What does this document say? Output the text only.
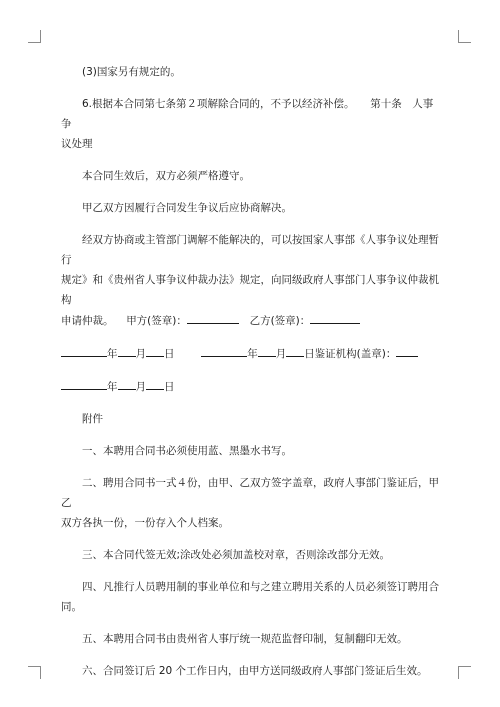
(3)国家另有规定的。

6.根据本合同第七条第２项解除合同的，不予以经济补偿。　　第十条　人事争

议处理

本合同生效后，双方必须严格遵守。

甲乙双方因履行合同发生争议后应协商解决。

经双方协商或主管部门调解不能解决的，可以按国家人事部《人事争议处理暂行

规定》和《贵州省人事争议仲裁办法》规定，向同级政府人事部门人事争议仲裁机构

申请仲裁。 甲方(签章)：	乙方(签章)：

年 月 日	年 月 日鉴证机构(盖章)：

年 月 日

附件

一、本聘用合同书必须使用蓝、黑墨水书写。

二、聘用合同书一式４份，由甲、乙双方签字盖章，政府人事部门鉴证后，甲乙

双方各执一份，一份存入个人档案。

三、本合同代签无效;涂改处必须加盖校对章，否则涂改部分无效。

四、凡推行人员聘用制的事业单位和与之建立聘用关系的人员必须签订聘用合同。

五、本聘用合同书由贵州省人事厅统一规范监督印制，复制翻印无效。

六、合同签订后 20 个工作日内，由甲方送同级政府人事部门签证后生效。
